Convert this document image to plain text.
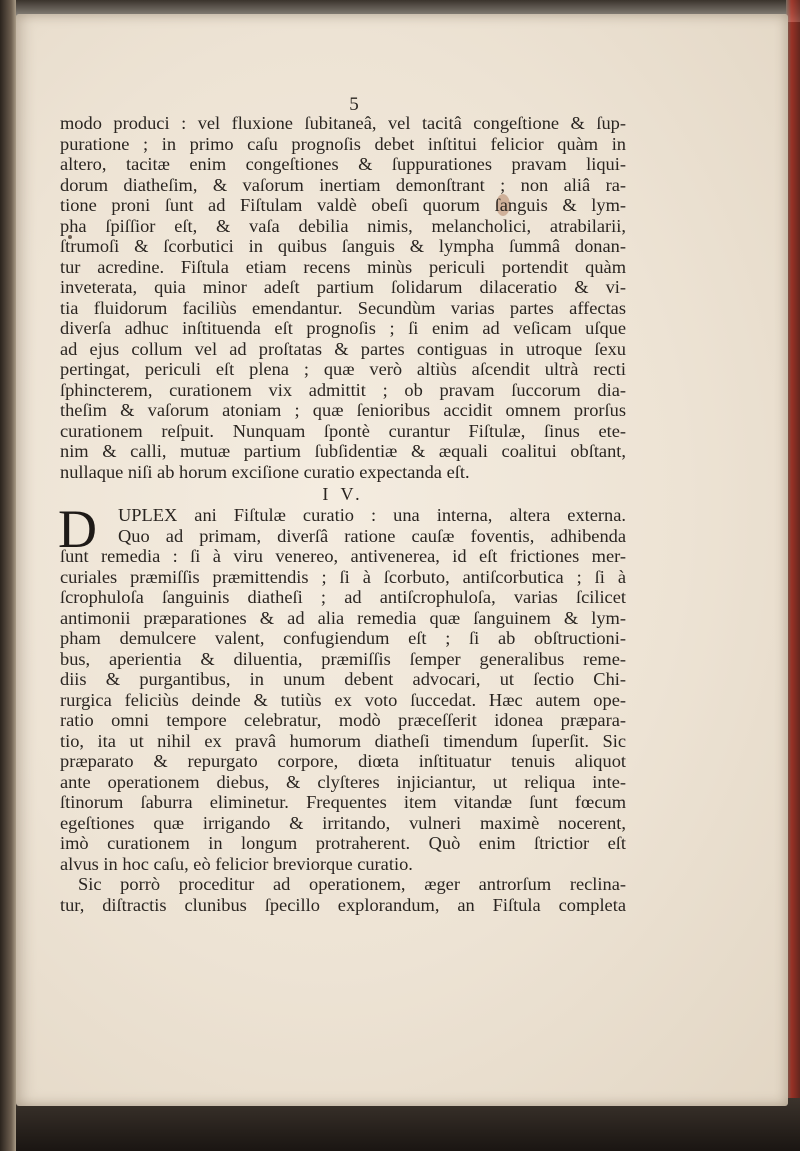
5
modo produci : vel fluxione ſubitaneâ, vel tacitâ congeſtione & ſup-
puratione ; in primo caſu prognoſis debet inſtitui felicior quàm in
altero, tacitæ enim congeſtiones & ſuppurationes pravam liqui-
dorum diatheſim, & vaſorum inertiam demonſtrant ; non aliâ ra-
tione proni ſunt ad Fiſtulam valdè obeſi quorum ſanguis & lym-
pha ſpiſſior eſt, & vaſa debilia nimis, melancholici, atrabilarii,
ſtrumoſi & ſcorbutici in quibus ſanguis & lympha ſummâ donan-
tur acredine. Fiſtula etiam recens minùs periculi portendit quàm
inveterata, quia minor adeſt partium ſolidarum dilaceratio & vi-
tia fluidorum faciliùs emendantur. Secundùm varias partes affectas
diverſa adhuc inſtituenda eſt prognoſis ; ſi enim ad veſicam uſque
ad ejus collum vel ad proſtatas & partes contiguas in utroque ſexu
pertingat, periculi eſt plena ; quæ verò altiùs aſcendit ultrà recti
ſphincterem, curationem vix admittit ; ob pravam ſuccorum dia-
theſim & vaſorum atoniam ; quæ ſenioribus accidit omnem prorſus
curationem reſpuit. Nunquam ſpontè curantur Fiſtulæ, ſinus ete-
nim & calli, mutuæ partium ſubſidentiæ & æquali coalitui obſtant,
nullaque niſi ab horum exciſione curatio expectanda eſt.
I V.
D	UPLEX ani Fiſtulæ curatio : una interna, altera externa.
Quo ad primam, diverſâ ratione cauſæ foventis, adhibenda
ſunt remedia : ſi à viru venereo, antivenerea, id eſt frictiones mer-
curiales præmiſſis præmittendis ; ſi à ſcorbuto, antiſcorbutica ; ſi à
ſcrophuloſa ſanguinis diatheſi ; ad antiſcrophuloſa, varias ſcilicet
antimonii præparationes & ad alia remedia quæ ſanguinem & lym-
pham demulcere valent, confugiendum eſt ; ſi ab obſtructioni-
bus, aperientia & diluentia, præmiſſis ſemper generalibus reme-
diis & purgantibus, in unum debent advocari, ut ſectio Chi-
rurgica feliciùs deinde & tutiùs ex voto ſuccedat. Hæc autem ope-
ratio omni tempore celebratur, modò præceſſerit idonea præpara-
tio, ita ut nihil ex pravâ humorum diatheſi timendum ſuperſit. Sic
præparato & repurgato corpore, diœta inſtituatur tenuis aliquot
ante operationem diebus, & clyſteres injiciantur, ut reliqua inte-
ſtinorum ſaburra eliminetur. Frequentes item vitandæ ſunt fœcum
egeſtiones quæ irrigando & irritando, vulneri maximè nocerent,
imò curationem in longum protraherent. Quò enim ſtrictior eſt
alvus in hoc caſu, eò felicior breviorque curatio.
Sic porrò proceditur ad operationem, æger antrorſum reclina-
tur, diſtractis clunibus ſpecillo explorandum, an Fiſtula completa
